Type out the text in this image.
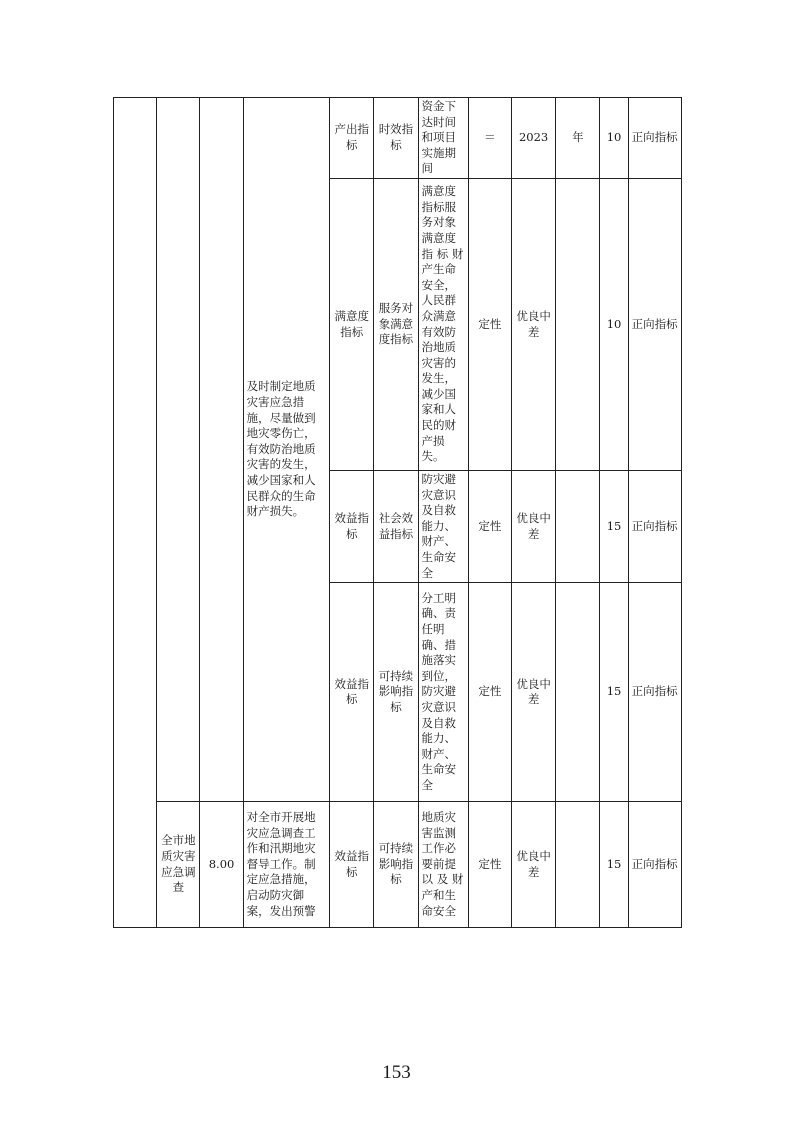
			及时制定地质灾害应急措施，尽量做到地灾零伤亡，有效防治地质灾害的发生，减少国家和人民群众的生命财产损失。	产出指标	时效指标	资金下达时间和项目实施期间	＝	2023	年	10	正向指标
				满意度指标	服务对象满意度指标	满意度指标服务对象满意度 指 标 财产生命安全，人民群众满意有效防治地质灾害的发生，减少国家和人民的财产损失。	定性	优良中差		10	正向指标
				效益指标	社会效益指标	防灾避灾意识及自救能力、财产、生命安全	定性	优良中差		15	正向指标
				效益指标	可持续影响指标	分工明确、责任明确、措施落实到位，防灾避灾意识及自救能力、财产、生命安全	定性	优良中差		15	正向指标
	全市地质灾害应急调查	8.00	对全市开展地灾应急调查工作和汛期地灾督导工作。制定应急措施，启动防灾御案，发出预警	效益指标	可持续影响指标	地质灾害监测工作必要前提以 及 财产和生命安全	定性	优良中差		15	正向指标
153
